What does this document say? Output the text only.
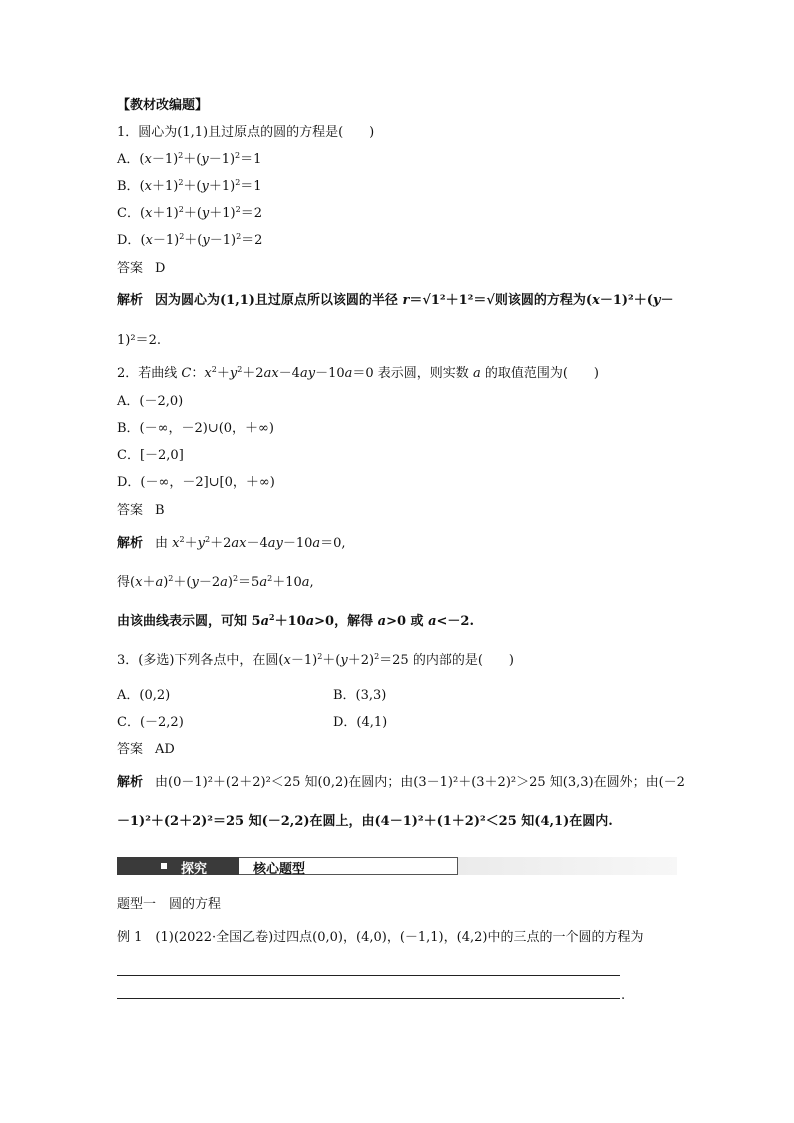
【教材改编题】
1．圆心为(1,1)且过原点的圆的方程是(　　)
A．$(x-1)^2+(y-1)^2=1$
B．$(x+1)^2+(y+1)^2=1$
C．$(x+1)^2+(y+1)^2=2$
D．$(x-1)^2+(y-1)^2=2$
答案 D
解析 因为圆心为(1,1)且过原点所以该圆的半径 r＝√1²＋1²＝√则该圆的方程为(x－1)²＋(y－
1)²＝2.
2．若曲线 C：$x^2+y^2+2ax-4ay-10a=0$ 表示圆，则实数 a 的取值范围为(　　)
A．(－2,0)
B．(－∞，－2)∪(0，＋∞)
C．[－2,0]
D．(－∞，－2]∪[0，＋∞)
答案 B
解析 由 $x^2+y^2+2ax-4ay-10a=0$,
得$(x+a)^2+(y-2a)^2=5a^2+10a$,
由该曲线表示圆，可知 $5a^2+10a>0$，解得 a>0 或 a<－2.
3．(多选)下列各点中，在圆$(x-1)^2+(y+2)^2=25$ 的内部的是(　　)
A．(0,2)	B．(3,3)
C．(－2,2)	D．(4,1)
答案 AD
解析 由(0－1)²＋(2＋2)²＜25 知(0,2)在圆内；由(3－1)²＋(3＋2)²＞25 知(3,3)在圆外；由(－2
－1)²＋(2＋2)²＝25 知(－2,2)在圆上，由(4－1)²＋(1＋2)²＜25 知(4,1)在圆内.
探究	核心题型
题型一　圆的方程
例 1　(1)(2022·全国乙卷)过四点(0,0)，(4,0)，(－1,1)，(4,2)中的三点的一个圆的方程为
.
